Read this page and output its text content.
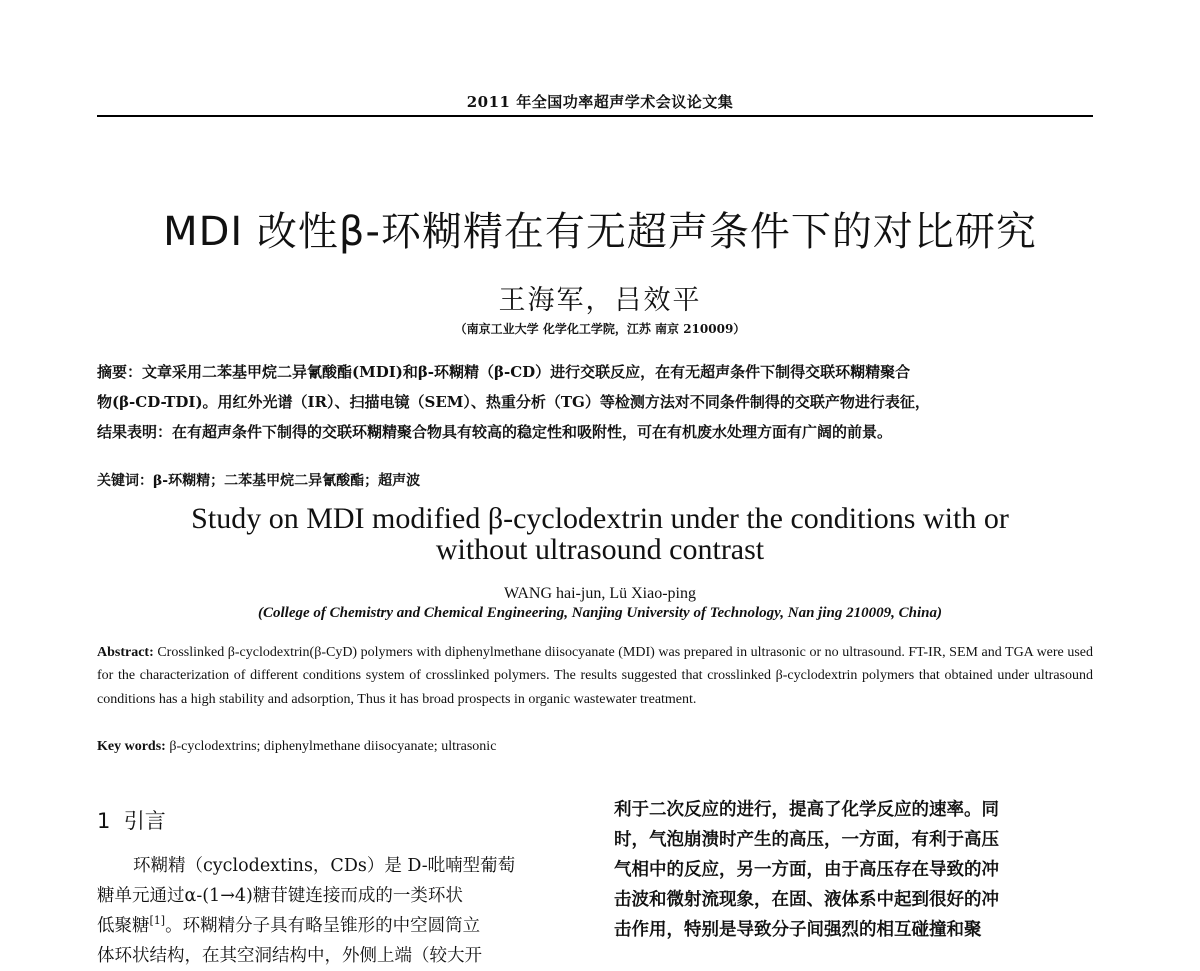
2011 年全国功率超声学术会议论文集
MDI 改性β-环糊精在有无超声条件下的对比研究
王海军，吕效平
（南京工业大学 化学化工学院，江苏 南京 210009）
摘要：文章采用二苯基甲烷二异氰酸酯(MDI)和β-环糊精（β-CD）进行交联反应，在有无超声条件下制得交联环糊精聚合
物(β-CD-TDI)。用红外光谱（IR）、扫描电镜（SEM）、热重分析（TG）等检测方法对不同条件制得的交联产物进行表征，
结果表明：在有超声条件下制得的交联环糊精聚合物具有较高的稳定性和吸附性，可在有机废水处理方面有广阔的前景。
关键词：β-环糊精；二苯基甲烷二异氰酸酯；超声波
Study on MDI modified β-cyclodextrin under the conditions with or
without ultrasound contrast
WANG hai-jun, Lü Xiao-ping
(College of Chemistry and Chemical Engineering, Nanjing University of Technology, Nan jing 210009, China)
Abstract: Crosslinked β-cyclodextrin(β-CyD) polymers with diphenylmethane diisocyanate (MDI) was prepared in ultrasonic or no ultrasound. FT-IR, SEM and TGA were used for the characterization of different conditions system of crosslinked polymers. The results suggested that crosslinked β-cyclodextrin polymers that obtained under ultrasound conditions has a high stability and adsorption, Thus it has broad prospects in organic wastewater treatment.
Key words: β-cyclodextrins; diphenylmethane diisocyanate; ultrasonic
1 引言
环糊精（cyclodextins，CDs）是 D-吡喃型葡萄
糖单元通过α-(1→4)糖苷键连接而成的一类环状
低聚糖[1]。环糊精分子具有略呈锥形的中空圆筒立
体环状结构，在其空洞结构中，外侧上端（较大开
利于二次反应的进行，提高了化学反应的速率。同
时，气泡崩溃时产生的高压，一方面，有利于高压
气相中的反应，另一方面，由于高压存在导致的冲
击波和微射流现象，在固、液体系中起到很好的冲
击作用，特别是导致分子间强烈的相互碰撞和聚
